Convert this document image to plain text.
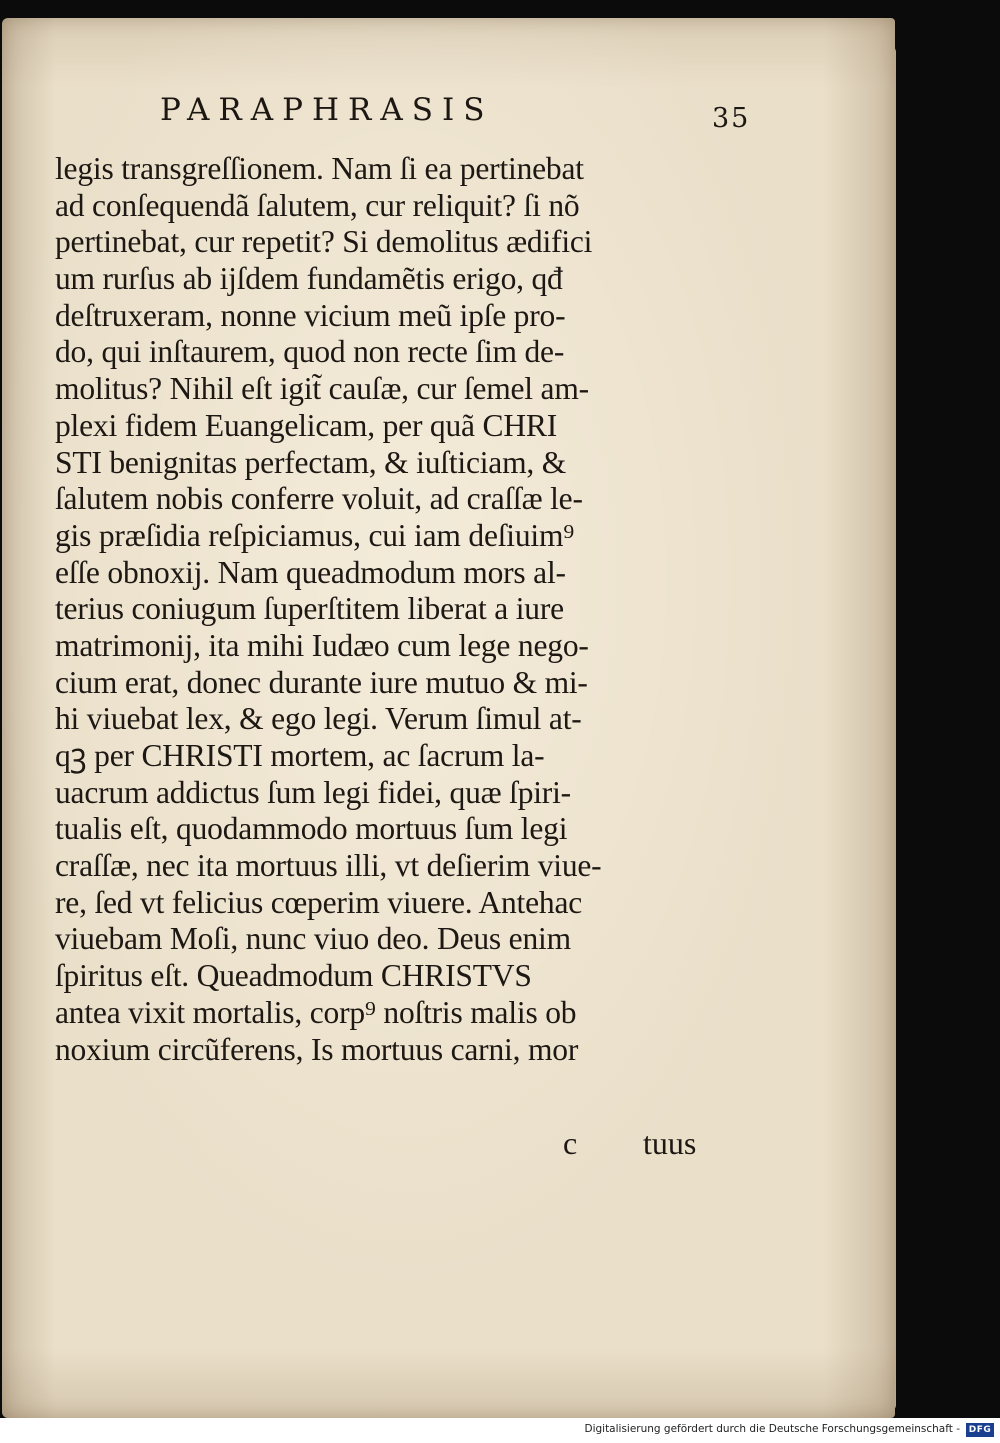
PARAPHRASIS	35
legis transgreſſionem. Nam ſi ea pertinebat
ad conſequendã ſalutem, cur reliquit? ſi nõ
pertinebat, cur repetit? Si demolitus ædifici
um rurſus ab ijſdem fundamẽtis erigo, qđ
deſtruxeram, nonne vicium meũ ipſe pro-
do, qui inſtaurem, quod non recte ſim de-
molitus? Nihil eſt igit̃ cauſæ, cur ſemel am-
plexi fidem Euangelicam, per quã CHRI
STI benignitas perfectam, & iuſticiam, &
ſalutem nobis conferre voluit, ad craſſæ le-
gis præſidia reſpiciamus, cui iam deſiuim⁹
eſſe obnoxij. Nam queadmodum mors al-
terius coniugum ſuperſtitem liberat a iure
matrimonij, ita mihi Iudæo cum lege nego-
cium erat, donec durante iure mutuo & mi-
hi viuebat lex, & ego legi. Verum ſimul at-
qꝫ per CHRISTI mortem, ac ſacrum la-
uacrum addictus ſum legi fidei, quæ ſpiri-
tualis eſt, quodammodo mortuus ſum legi
craſſæ, nec ita mortuus illi, vt deſierim viue-
re, ſed vt felicius cœperim viuere. Antehac
viuebam Moſi, nunc viuo deo. Deus enim
ſpiritus eſt. Queadmodum CHRISTVS
antea vixit mortalis, corp⁹ noſtris malis ob
noxium circũferens, Is mortuus carni, mor
c tuus
Digitalisierung gefördert durch die Deutsche Forschungsgemeinschaft - DFG
